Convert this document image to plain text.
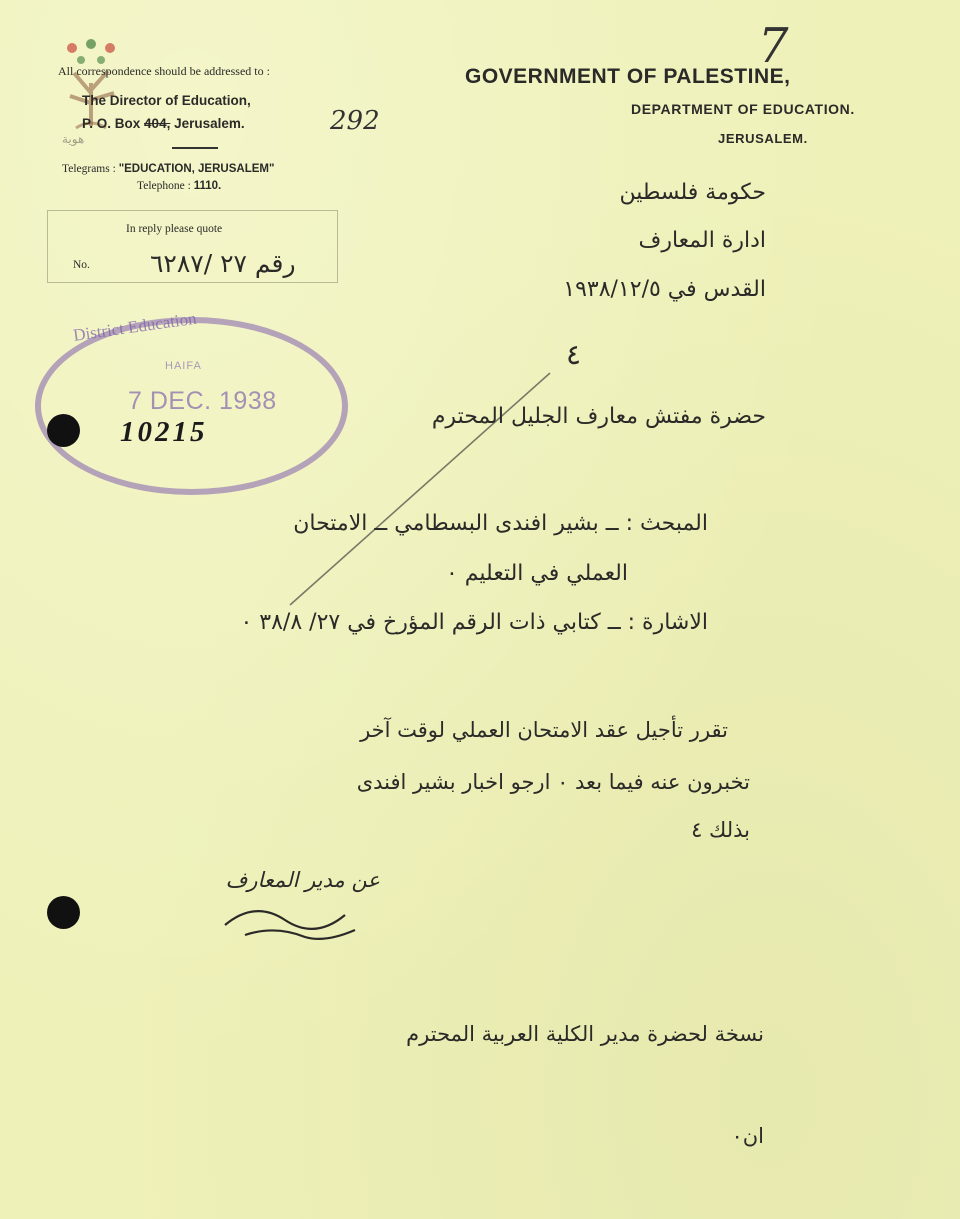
هوية
All correspondence should be addressed to :
The Director of Education,
P. O. Box 404, Jerusalem.	292
Telegrams : "EDUCATION, JERUSALEM"
Telephone : 1110.
In reply please quote
No. رقم ٢٧ /٦٢٨٧
7
GOVERNMENT OF PALESTINE,
DEPARTMENT OF EDUCATION.
JERUSALEM.
حكومة فلسطين
ادارة المعارف
القدس في ١٩٣٨/١٢/٥
٤
District Education
HAIFA
7 DEC. 1938
10215	حضرة مفتش معارف الجليل المحترم
المبحث : ــ بشير افندى البسطامي ــ الامتحان
العملي في التعليم ٠
الاشارة : ــ كتابي ذات الرقم المؤرخ في ٢٧/ ٣٨/٨ ٠
تقرر تأجيل عقد الامتحان العملي لوقت آخر
تخبرون عنه فيما بعد ٠ ارجو اخبار بشير افندى
بذلك ٤
عن مدير المعارف
نسخة لحضرة مدير الكلية العربية المحترم
ان٠
